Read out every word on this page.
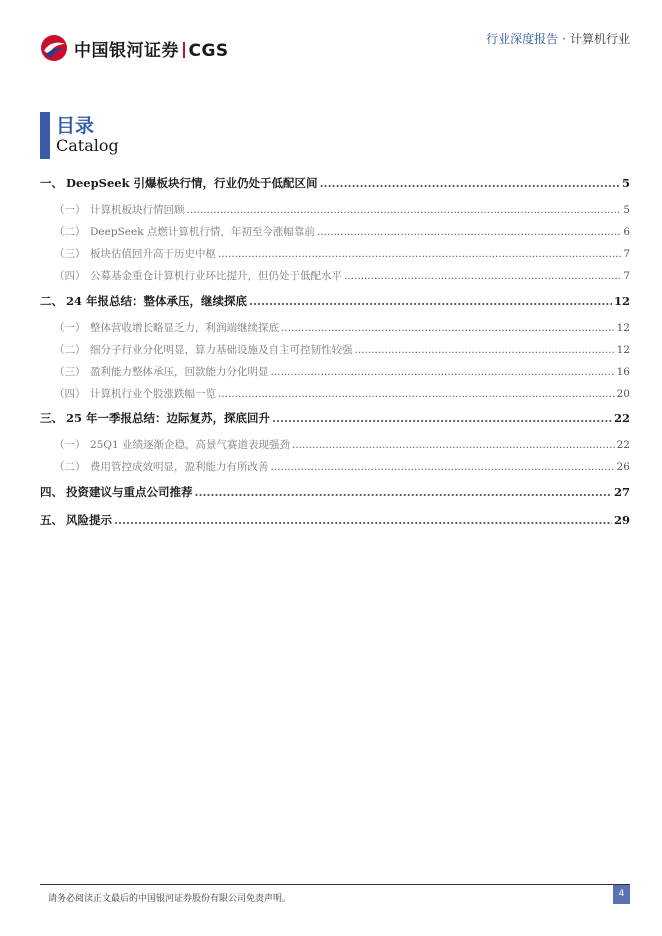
中国银河证券 CGS
行业深度报告 · 计算机行业
目录
Catalog
一、 DeepSeek 引爆板块行情，行业仍处于低配区间 .....	5
（一） 计算机板块行情回顾 .....	5
（二） DeepSeek 点燃计算机行情，年初至今涨幅靠前 .....	6
（三） 板块估值回升高于历史中枢 .....	7
（四） 公募基金重仓计算机行业环比提升，但仍处于低配水平 .....	7
二、 24 年报总结：整体承压，继续探底 .....	12
（一） 整体营收增长略显乏力，利润端继续探底 .....	12
（二） 细分子行业分化明显，算力基础设施及自主可控韧性较强 .....	12
（三） 盈利能力整体承压，回款能力分化明显 .....	16
（四） 计算机行业个股涨跌幅一览 .....	20
三、 25 年一季报总结：边际复苏，探底回升 .....	22
（一） 25Q1 业绩逐渐企稳，高景气赛道表现强劲 .....	22
（二） 费用管控成效明显，盈利能力有所改善 .....	26
四、 投资建议与重点公司推荐 .....	27
五、 风险提示 .....	29
请务必阅读正文最后的中国银河证券股份有限公司免责声明。	4
